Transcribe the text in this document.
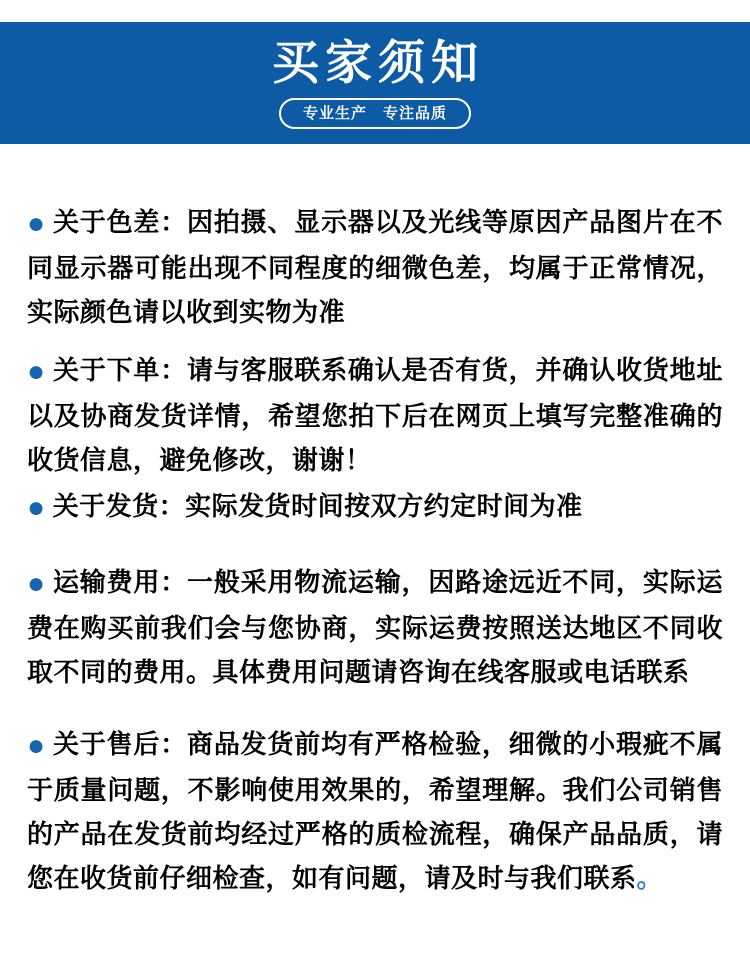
买家须知
专业生产　专注品质

● 关于色差：因拍摄、显示器以及光线等原因产品图片在不同显示器可能出现不同程度的细微色差，均属于正常情况，实际颜色请以收到实物为准

● 关于下单：请与客服联系确认是否有货，并确认收货地址以及协商发货详情，希望您拍下后在网页上填写完整准确的收货信息，避免修改，谢谢！

● 关于发货：实际发货时间按双方约定时间为准

● 运输费用：一般采用物流运输，因路途远近不同，实际运费在购买前我们会与您协商，实际运费按照送达地区不同收取不同的费用。具体费用问题请咨询在线客服或电话联系

● 关于售后：商品发货前均有严格检验，细微的小瑕疵不属于质量问题，不影响使用效果的，希望理解。我们公司销售的产品在发货前均经过严格的质检流程，确保产品品质，请您在收货前仔细检查，如有问题，请及时与我们联系。
